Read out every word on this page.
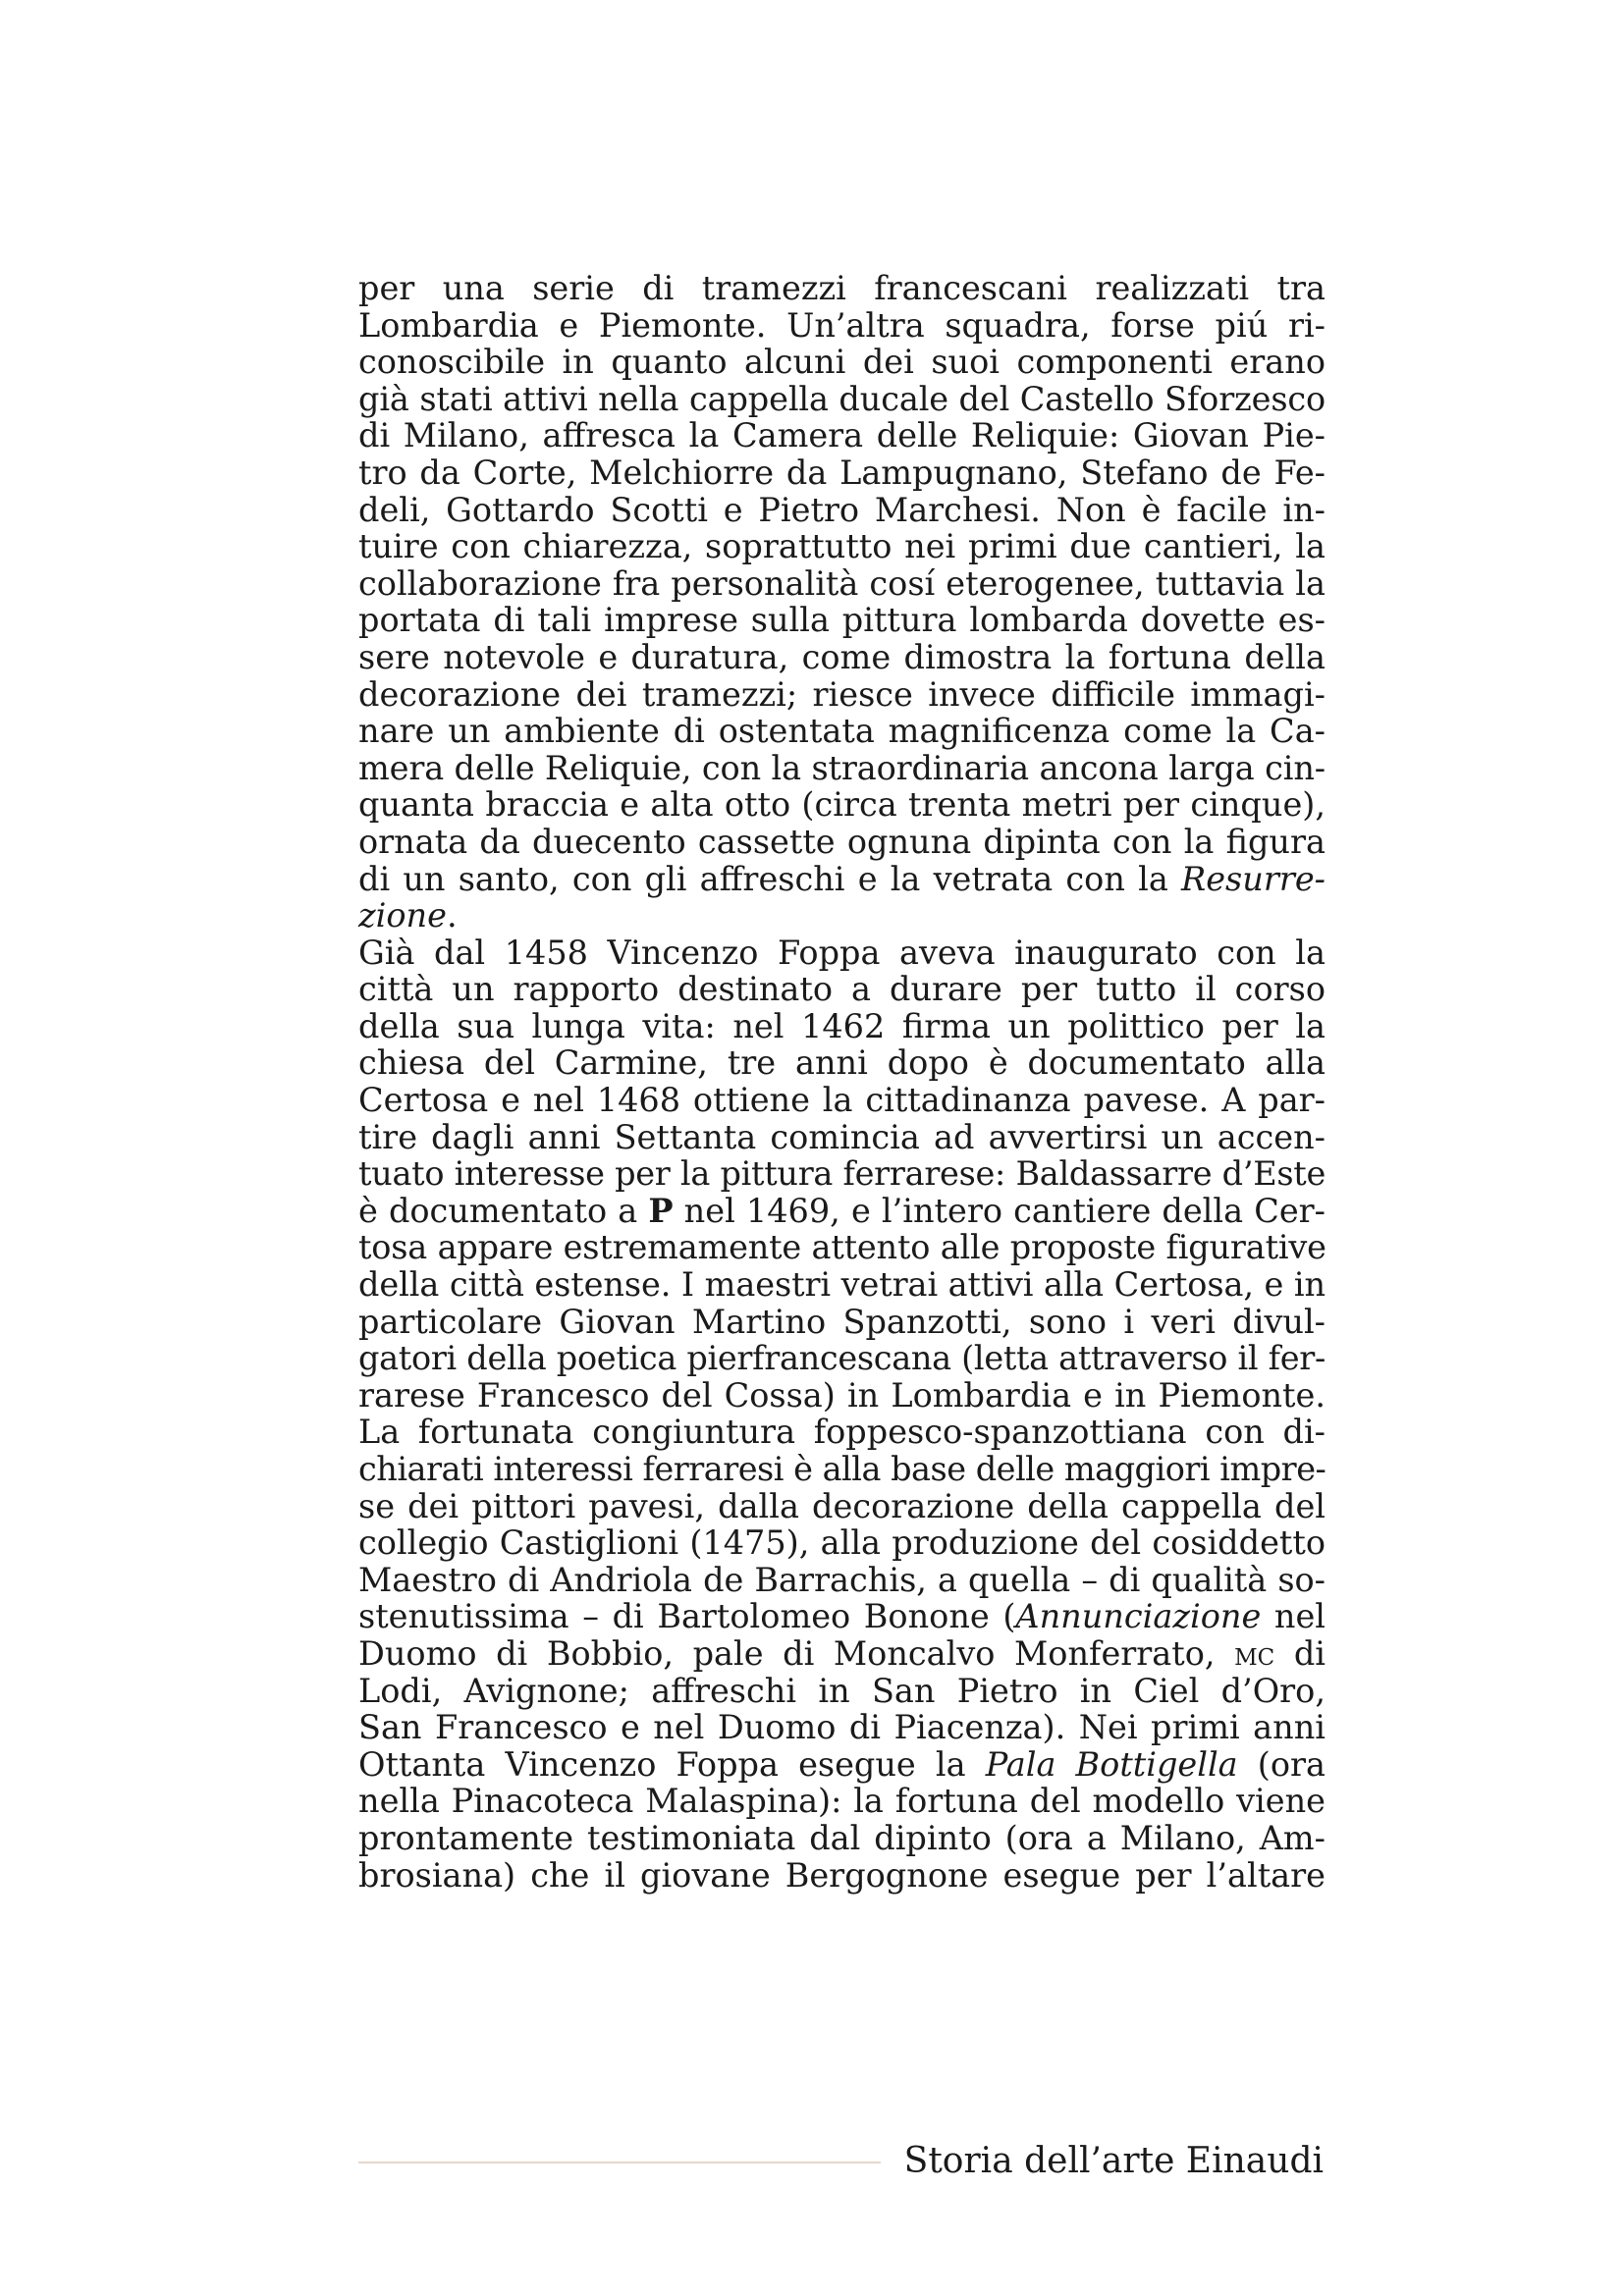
per una serie di tramezzi francescani realizzati tra
Lombardia e Piemonte. Un’altra squadra, forse piú ri-
conoscibile in quanto alcuni dei suoi componenti erano
già stati attivi nella cappella ducale del Castello Sforzesco
di Milano, affresca la Camera delle Reliquie: Giovan Pie-
tro da Corte, Melchiorre da Lampugnano, Stefano de Fe-
deli, Gottardo Scotti e Pietro Marchesi. Non è facile in-
tuire con chiarezza, soprattutto nei primi due cantieri, la
collaborazione fra personalità cosí eterogenee, tuttavia la
portata di tali imprese sulla pittura lombarda dovette es-
sere notevole e duratura, come dimostra la fortuna della
decorazione dei tramezzi; riesce invece difficile immagi-
nare un ambiente di ostentata magnificenza come la Ca-
mera delle Reliquie, con la straordinaria ancona larga cin-
quanta braccia e alta otto (circa trenta metri per cinque),
ornata da duecento cassette ognuna dipinta con la figura
di un santo, con gli affreschi e la vetrata con la Resurre-
zione.
Già dal 1458 Vincenzo Foppa aveva inaugurato con la
città un rapporto destinato a durare per tutto il corso
della sua lunga vita: nel 1462 firma un polittico per la
chiesa del Carmine, tre anni dopo è documentato alla
Certosa e nel 1468 ottiene la cittadinanza pavese. A par-
tire dagli anni Settanta comincia ad avvertirsi un accen-
tuato interesse per la pittura ferrarese: Baldassarre d’Este
è documentato a P nel 1469, e l’intero cantiere della Cer-
tosa appare estremamente attento alle proposte figurative
della città estense. I maestri vetrai attivi alla Certosa, e in
particolare Giovan Martino Spanzotti, sono i veri divul-
gatori della poetica pierfrancescana (letta attraverso il fer-
rarese Francesco del Cossa) in Lombardia e in Piemonte.
La fortunata congiuntura foppesco-spanzottiana con di-
chiarati interessi ferraresi è alla base delle maggiori impre-
se dei pittori pavesi, dalla decorazione della cappella del
collegio Castiglioni (1475), alla produzione del cosiddetto
Maestro di Andriola de Barrachis, a quella – di qualità so-
stenutissima – di Bartolomeo Bonone (Annunciazione nel
Duomo di Bobbio, pale di Moncalvo Monferrato, mc di
Lodi, Avignone; affreschi in San Pietro in Ciel d’Oro,
San Francesco e nel Duomo di Piacenza). Nei primi anni
Ottanta Vincenzo Foppa esegue la Pala Bottigella (ora
nella Pinacoteca Malaspina): la fortuna del modello viene
prontamente testimoniata dal dipinto (ora a Milano, Am-
brosiana) che il giovane Bergognone esegue per l’altare
Storia dell’arte Einaudi
